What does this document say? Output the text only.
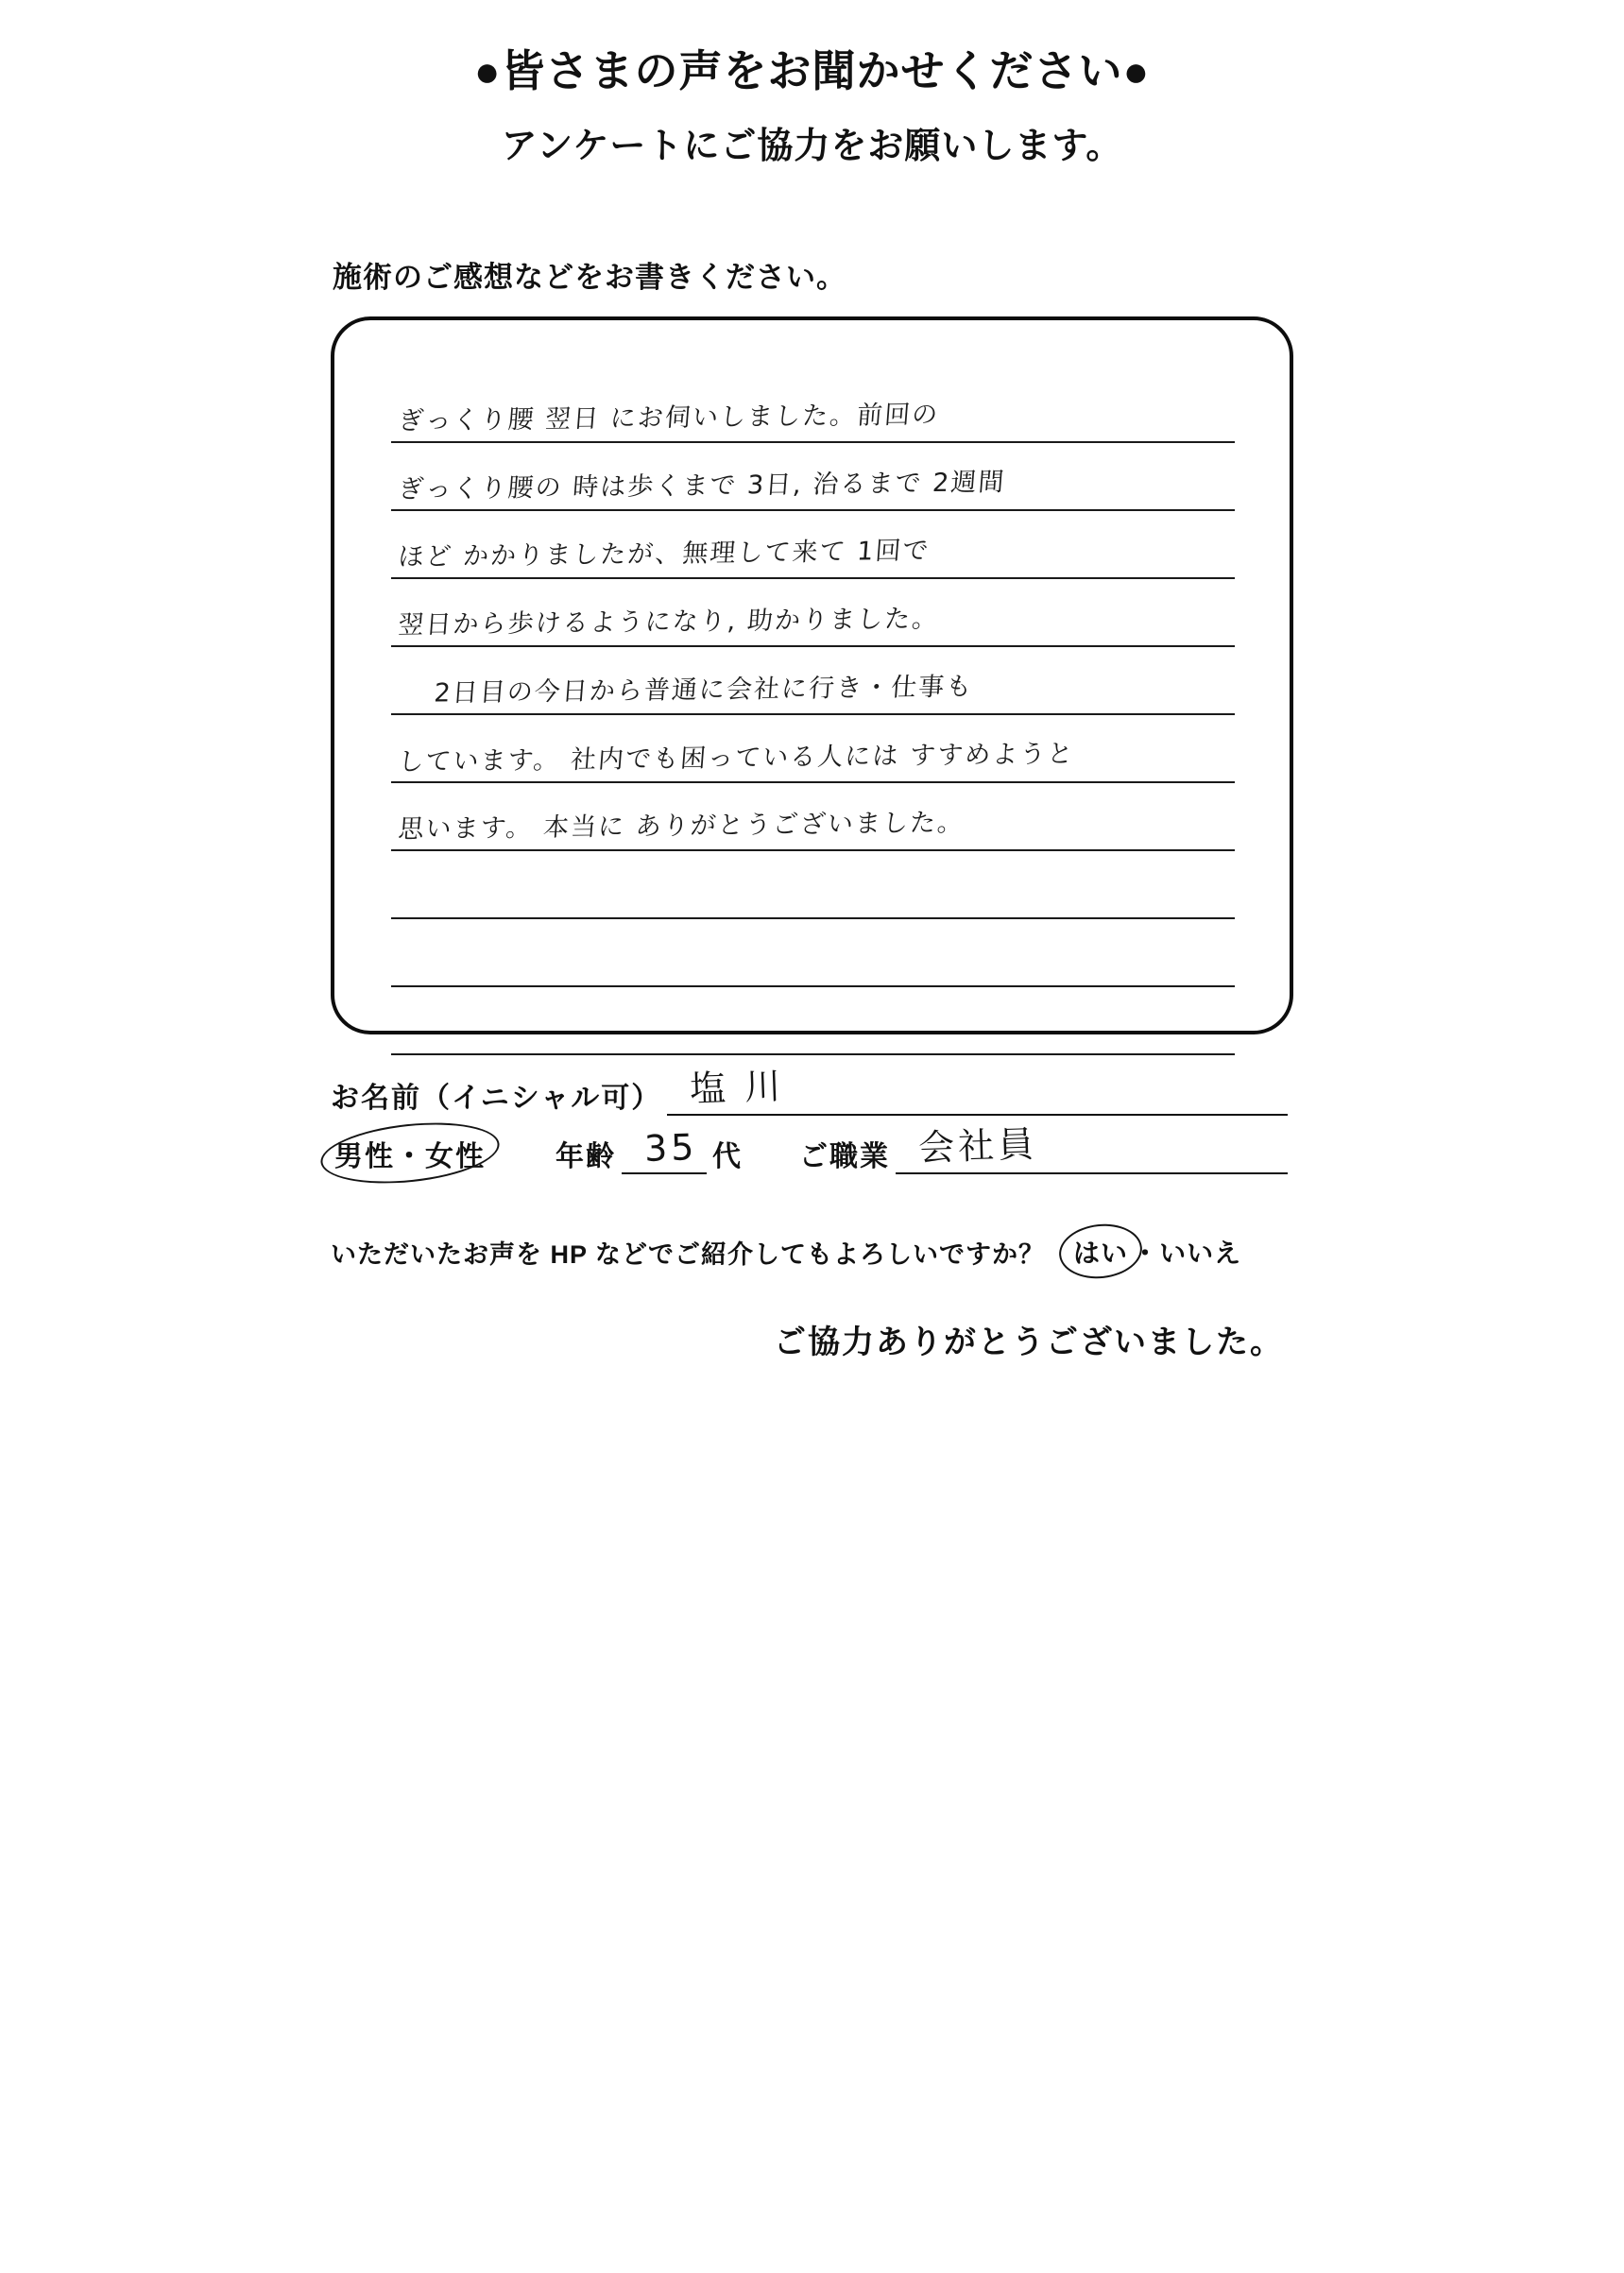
●皆さまの声をお聞かせください●
アンケートにご協力をお願いします。
施術のご感想などをお書きください。
ぎっくり腰 翌日 にお伺いしました。前回の
ぎっくり腰の 時は歩くまで 3日, 治るまで 2週間
ほど かかりましたが、無理して来て 1回で
翌日から歩けるようになり, 助かりました。
2日目の今日から普通に会社に行き・仕事も
しています。 社内でも困っている人には すすめようと
思います。 本当に ありがとうございました。
お名前（イニシャル可） 塩 川
男性・女性 年齢 35 代 ご職業 会社員
いただいたお声を HP などでご紹介してもよろしいですか？ はい ・いいえ
ご協力ありがとうございました。
